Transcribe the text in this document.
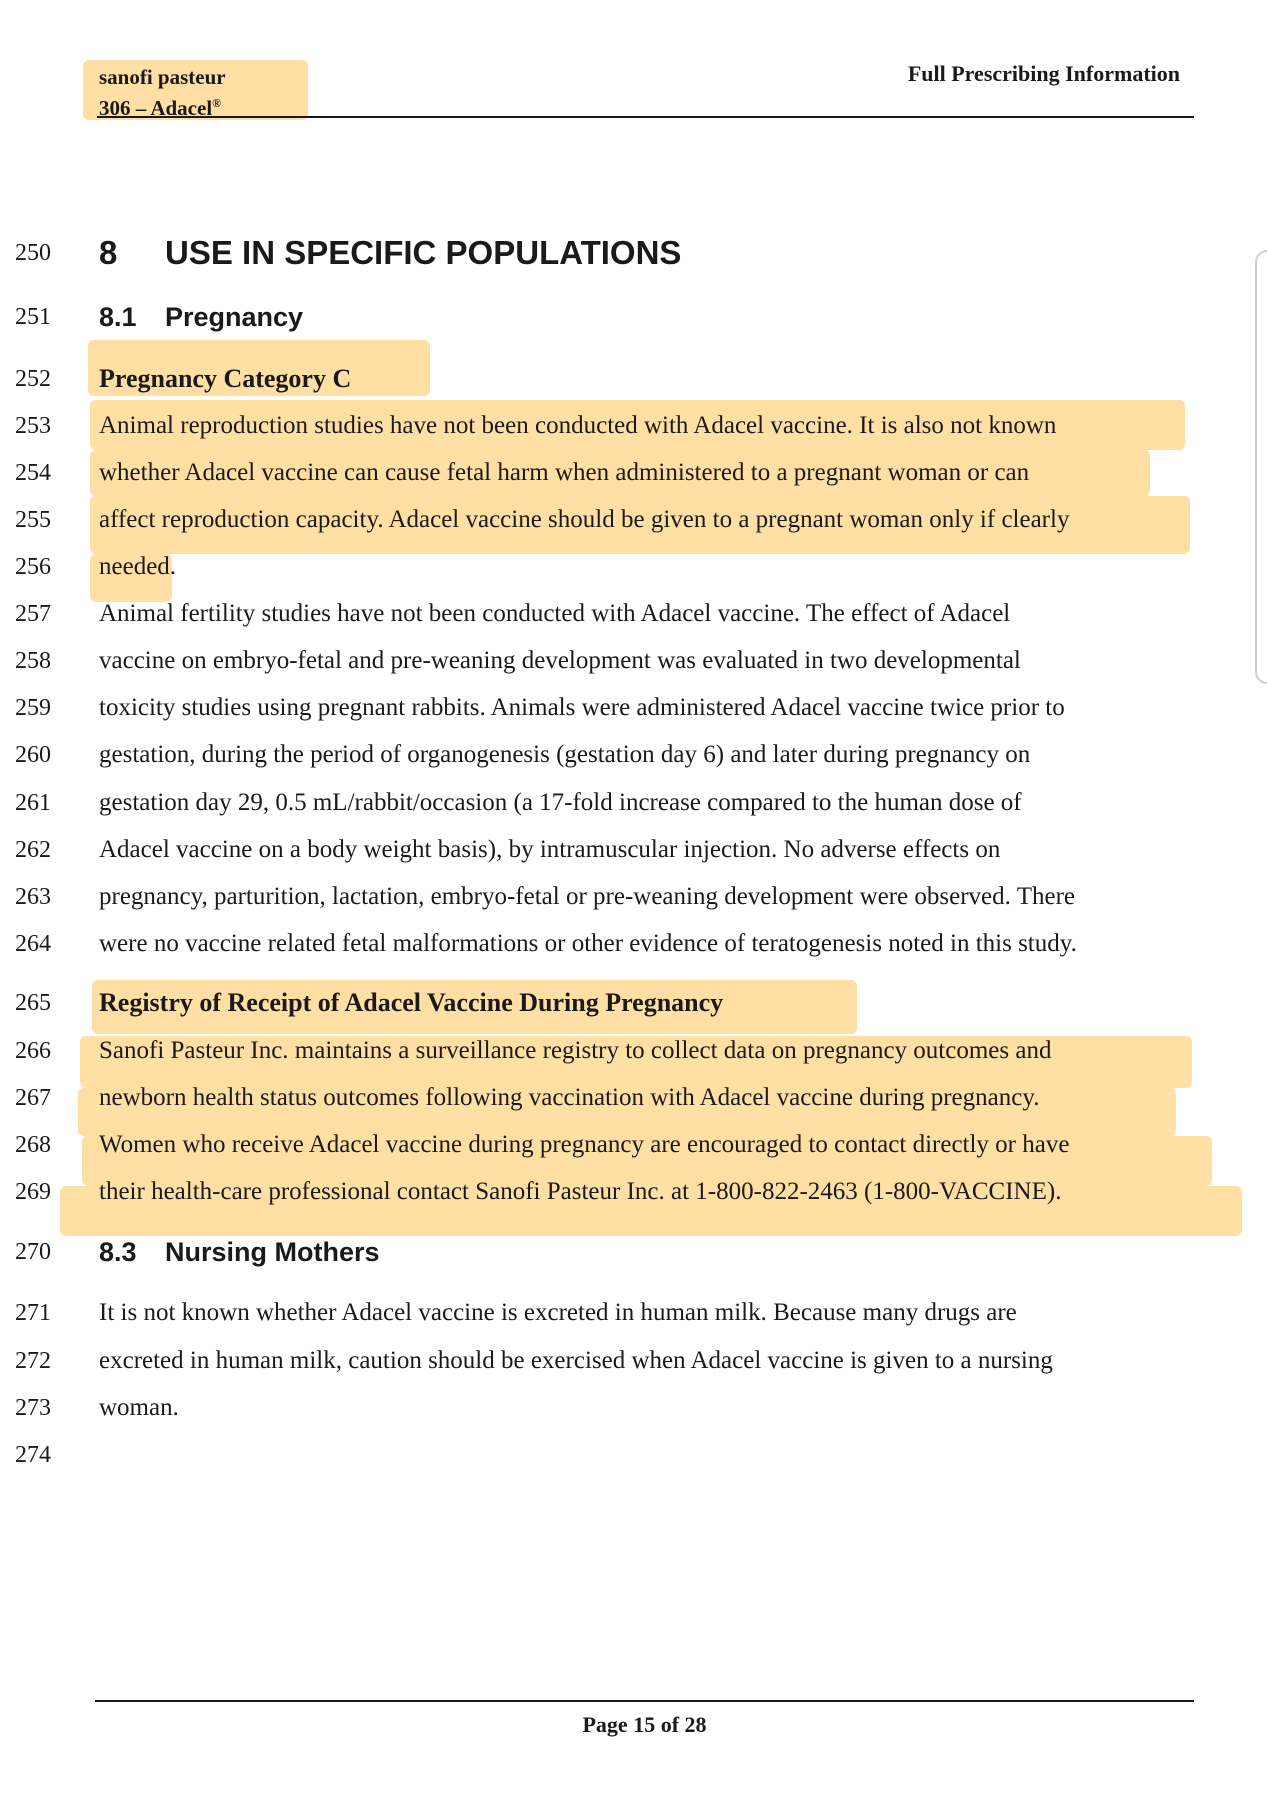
sanofi pasteur
306 – Adacel®
Full Prescribing Information
250	8 USE IN SPECIFIC POPULATIONS
251	8.1 Pregnancy
252	Pregnancy Category C
253	Animal reproduction studies have not been conducted with Adacel vaccine. It is also not known
254	whether Adacel vaccine can cause fetal harm when administered to a pregnant woman or can
255	affect reproduction capacity. Adacel vaccine should be given to a pregnant woman only if clearly
256	needed.
257	Animal fertility studies have not been conducted with Adacel vaccine. The effect of Adacel
258	vaccine on embryo-fetal and pre-weaning development was evaluated in two developmental
259	toxicity studies using pregnant rabbits. Animals were administered Adacel vaccine twice prior to
260	gestation, during the period of organogenesis (gestation day 6) and later during pregnancy on
261	gestation day 29, 0.5 mL/rabbit/occasion (a 17-fold increase compared to the human dose of
262	Adacel vaccine on a body weight basis), by intramuscular injection. No adverse effects on
263	pregnancy, parturition, lactation, embryo-fetal or pre-weaning development were observed. There
264	were no vaccine related fetal malformations or other evidence of teratogenesis noted in this study.
265	Registry of Receipt of Adacel Vaccine During Pregnancy
266	Sanofi Pasteur Inc. maintains a surveillance registry to collect data on pregnancy outcomes and
267	newborn health status outcomes following vaccination with Adacel vaccine during pregnancy.
268	Women who receive Adacel vaccine during pregnancy are encouraged to contact directly or have
269	their health-care professional contact Sanofi Pasteur Inc. at 1-800-822-2463 (1-800-VACCINE).
270	8.3 Nursing Mothers
271	It is not known whether Adacel vaccine is excreted in human milk. Because many drugs are
272	excreted in human milk, caution should be exercised when Adacel vaccine is given to a nursing
273	woman.
274
Page 15 of 28
